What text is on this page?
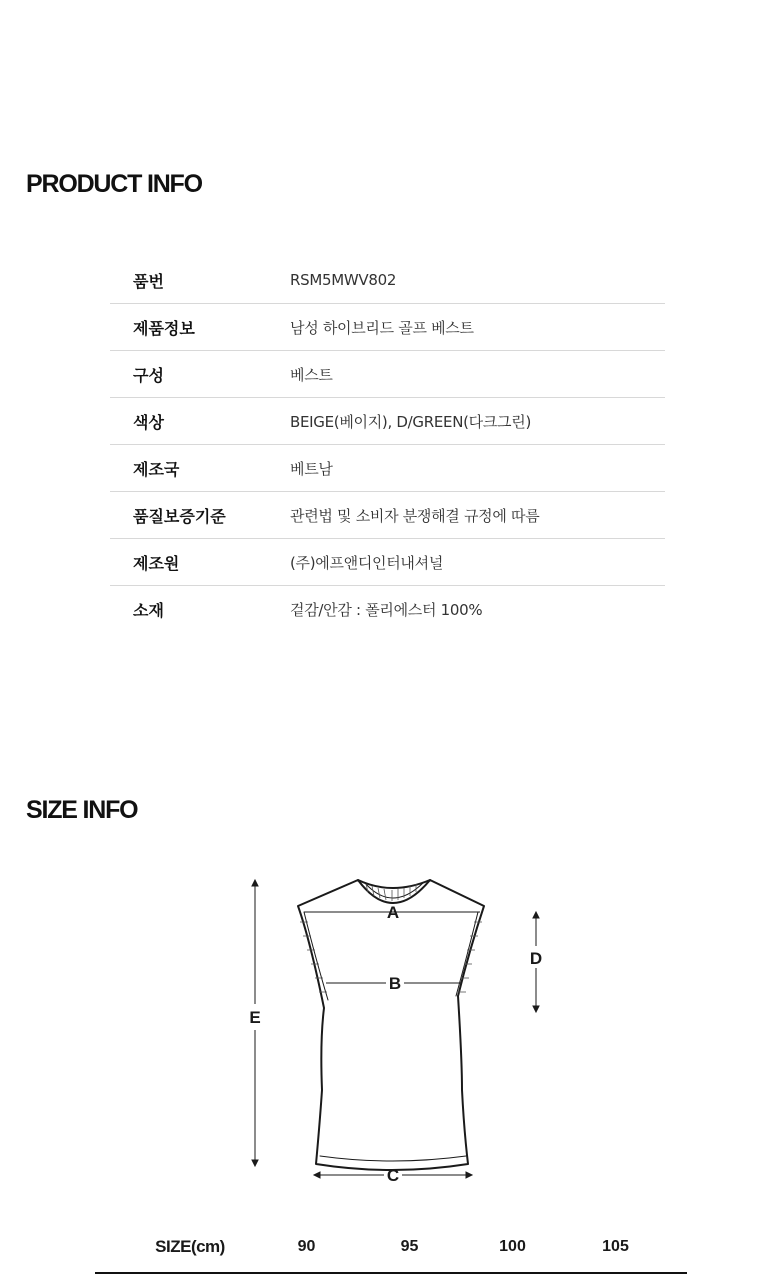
PRODUCT INFO
품번	RSM5MWV802
제품정보	남성 하이브리드 골프 베스트
구성	베스트
색상	BEIGE(베이지), D/GREEN(다크그린)
제조국	베트남
품질보증기준	관련법 및 소비자 분쟁해결 규정에 따름
제조원	(주)에프앤디인터내셔널
소재	겉감/안감 : 폴리에스터 100%
SIZE INFO
A
B
C
D
E
SIZE(cm)	90	95	100	105
